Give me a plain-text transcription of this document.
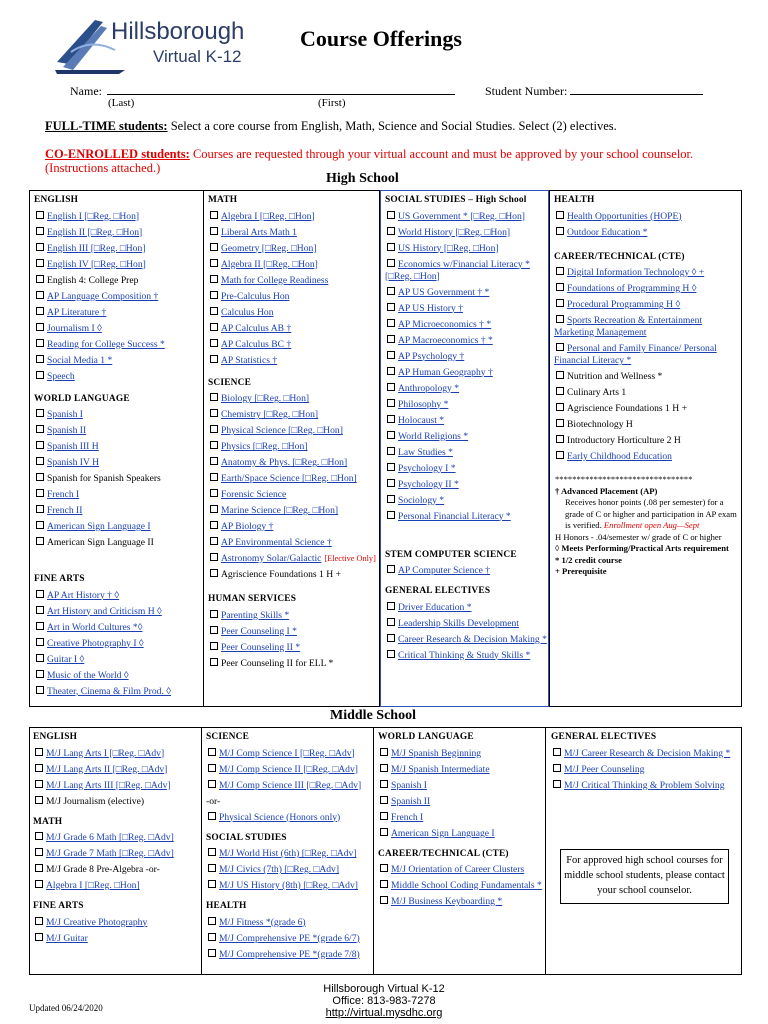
Hillsborough
Virtual K-12
Course Offerings
Name:
(Last)	(First)
Student Number:
FULL-TIME students: Select a core course from English, Math, Science and Social Studies. Select (2) electives.
CO-ENROLLED students: Courses are requested through your virtual account and must be approved by your school counselor. (Instructions attached.)
High School
ENGLISH
English I [□Reg. □Hon]
English II [□Reg. □Hon]
English III [□Reg. □Hon]
English IV [□Reg. □Hon]
English 4: College Prep
AP Language Composition †
AP Literature †
Journalism I ◊
Reading for College Success *
Social Media 1 *
Speech
WORLD LANGUAGE
Spanish I
Spanish II
Spanish III H
Spanish IV H
Spanish for Spanish Speakers
French I
French II
American Sign Language I
American Sign Language II
FINE ARTS
AP Art History † ◊
Art History and Criticism H ◊
Art in World Cultures *◊
Creative Photography I ◊
Guitar I ◊
Music of the World ◊
Theater, Cinema & Film Prod. ◊
MATH
Algebra I [□Reg. □Hon]
Liberal Arts Math 1
Geometry [□Reg. □Hon]
Algebra II [□Reg. □Hon]
Math for College Readiness
Pre-Calculus Hon
Calculus Hon
AP Calculus AB †
AP Calculus BC †
AP Statistics †
SCIENCE
Biology [□Reg. □Hon]
Chemistry [□Reg. □Hon]
Physical Science [□Reg. □Hon]
Physics [□Reg. □Hon]
Anatomy & Phys. [□Reg. □Hon]
Earth/Space Science [□Reg. □Hon]
Forensic Science
Marine Science [□Reg. □Hon]
AP Biology †
AP Environmental Science †
Astronomy Solar/Galactic [Elective Only]
Agriscience Foundations 1 H +
HUMAN SERVICES
Parenting Skills *
Peer Counseling I *
Peer Counseling II *
Peer Counseling II for ELL *
SOCIAL STUDIES – High School
US Government * [□Reg. □Hon]
World History [□Reg. □Hon]
US History [□Reg. □Hon]
Economics w/Financial Literacy * [□Reg. □Hon]
AP US Government † *
AP US History †
AP Microeconomics † *
AP Macroeconomics † *
AP Psychology †
AP Human Geography †
Anthropology *
Philosophy *
Holocaust *
World Religions *
Law Studies *
Psychology I *
Psychology II *
Sociology *
Personal Financial Literacy *
STEM COMPUTER SCIENCE
AP Computer Science †
GENERAL ELECTIVES
Driver Education *
Leadership Skills Development
Career Research & Decision Making *
Critical Thinking & Study Skills *
HEALTH
Health Opportunities (HOPE)
Outdoor Education *
CAREER/TECHNICAL (CTE)
Digital Information Technology ◊ +
Foundations of Programming H ◊
Procedural Programming H ◊
Sports Recreation & Entertainment Marketing Management
Personal and Family Finance/ Personal Financial Literacy *
Nutrition and Wellness *
Culinary Arts 1
Agriscience Foundations 1 H +
Biotechnology H
Introductory Horticulture 2 H
Early Childhood Education
********************************
† Advanced Placement (AP)
Receives honor points (.08 per semester) for a grade of C or higher and participation in AP exam is verified. Enrollment open Aug—Sept
H Honors - .04/semester w/ grade of C or higher
◊ Meets Performing/Practical Arts requirement
* 1/2 credit course
+ Prerequisite
Middle School
ENGLISH
M/J Lang Arts I [□Reg. □Adv]
M/J Lang Arts II [□Reg. □Adv]
M/J Lang Arts III [□Reg. □Adv]
M/J Journalism (elective)
MATH
M/J Grade 6 Math [□Reg. □Adv]
M/J Grade 7 Math [□Reg. □Adv]
M/J Grade 8 Pre-Algebra -or-
Algebra I [□Reg. □Hon]
FINE ARTS
M/J Creative Photography
M/J Guitar
SCIENCE
M/J Comp Science I [□Reg. □Adv]
M/J Comp Science II [□Reg. □Adv]
M/J Comp Science III [□Reg. □Adv]
-or-
Physical Science (Honors only)
SOCIAL STUDIES
M/J World Hist (6th) [□Reg. □Adv]
M/J Civics (7th) [□Reg. □Adv]
M/J US History (8th) [□Reg. □Adv]
HEALTH
M/J Fitness *(grade 6)
M/J Comprehensive PE *(grade 6/7)
M/J Comprehensive PE *(grade 7/8)
WORLD LANGUAGE
M/J Spanish Beginning
M/J Spanish Intermediate
Spanish I
Spanish II
French I
American Sign Language I
CAREER/TECHNICAL (CTE)
M/J Orientation of Career Clusters
Middle School Coding Fundamentals *
M/J Business Keyboarding *
GENERAL ELECTIVES
M/J Career Research & Decision Making *
M/J Peer Counseling
M/J Critical Thinking & Problem Solving
For approved high school courses for middle school students, please contact your school counselor.
Hillsborough Virtual K-12
Office: 813-983-7278
http://virtual.mysdhc.org
Updated 06/24/2020
